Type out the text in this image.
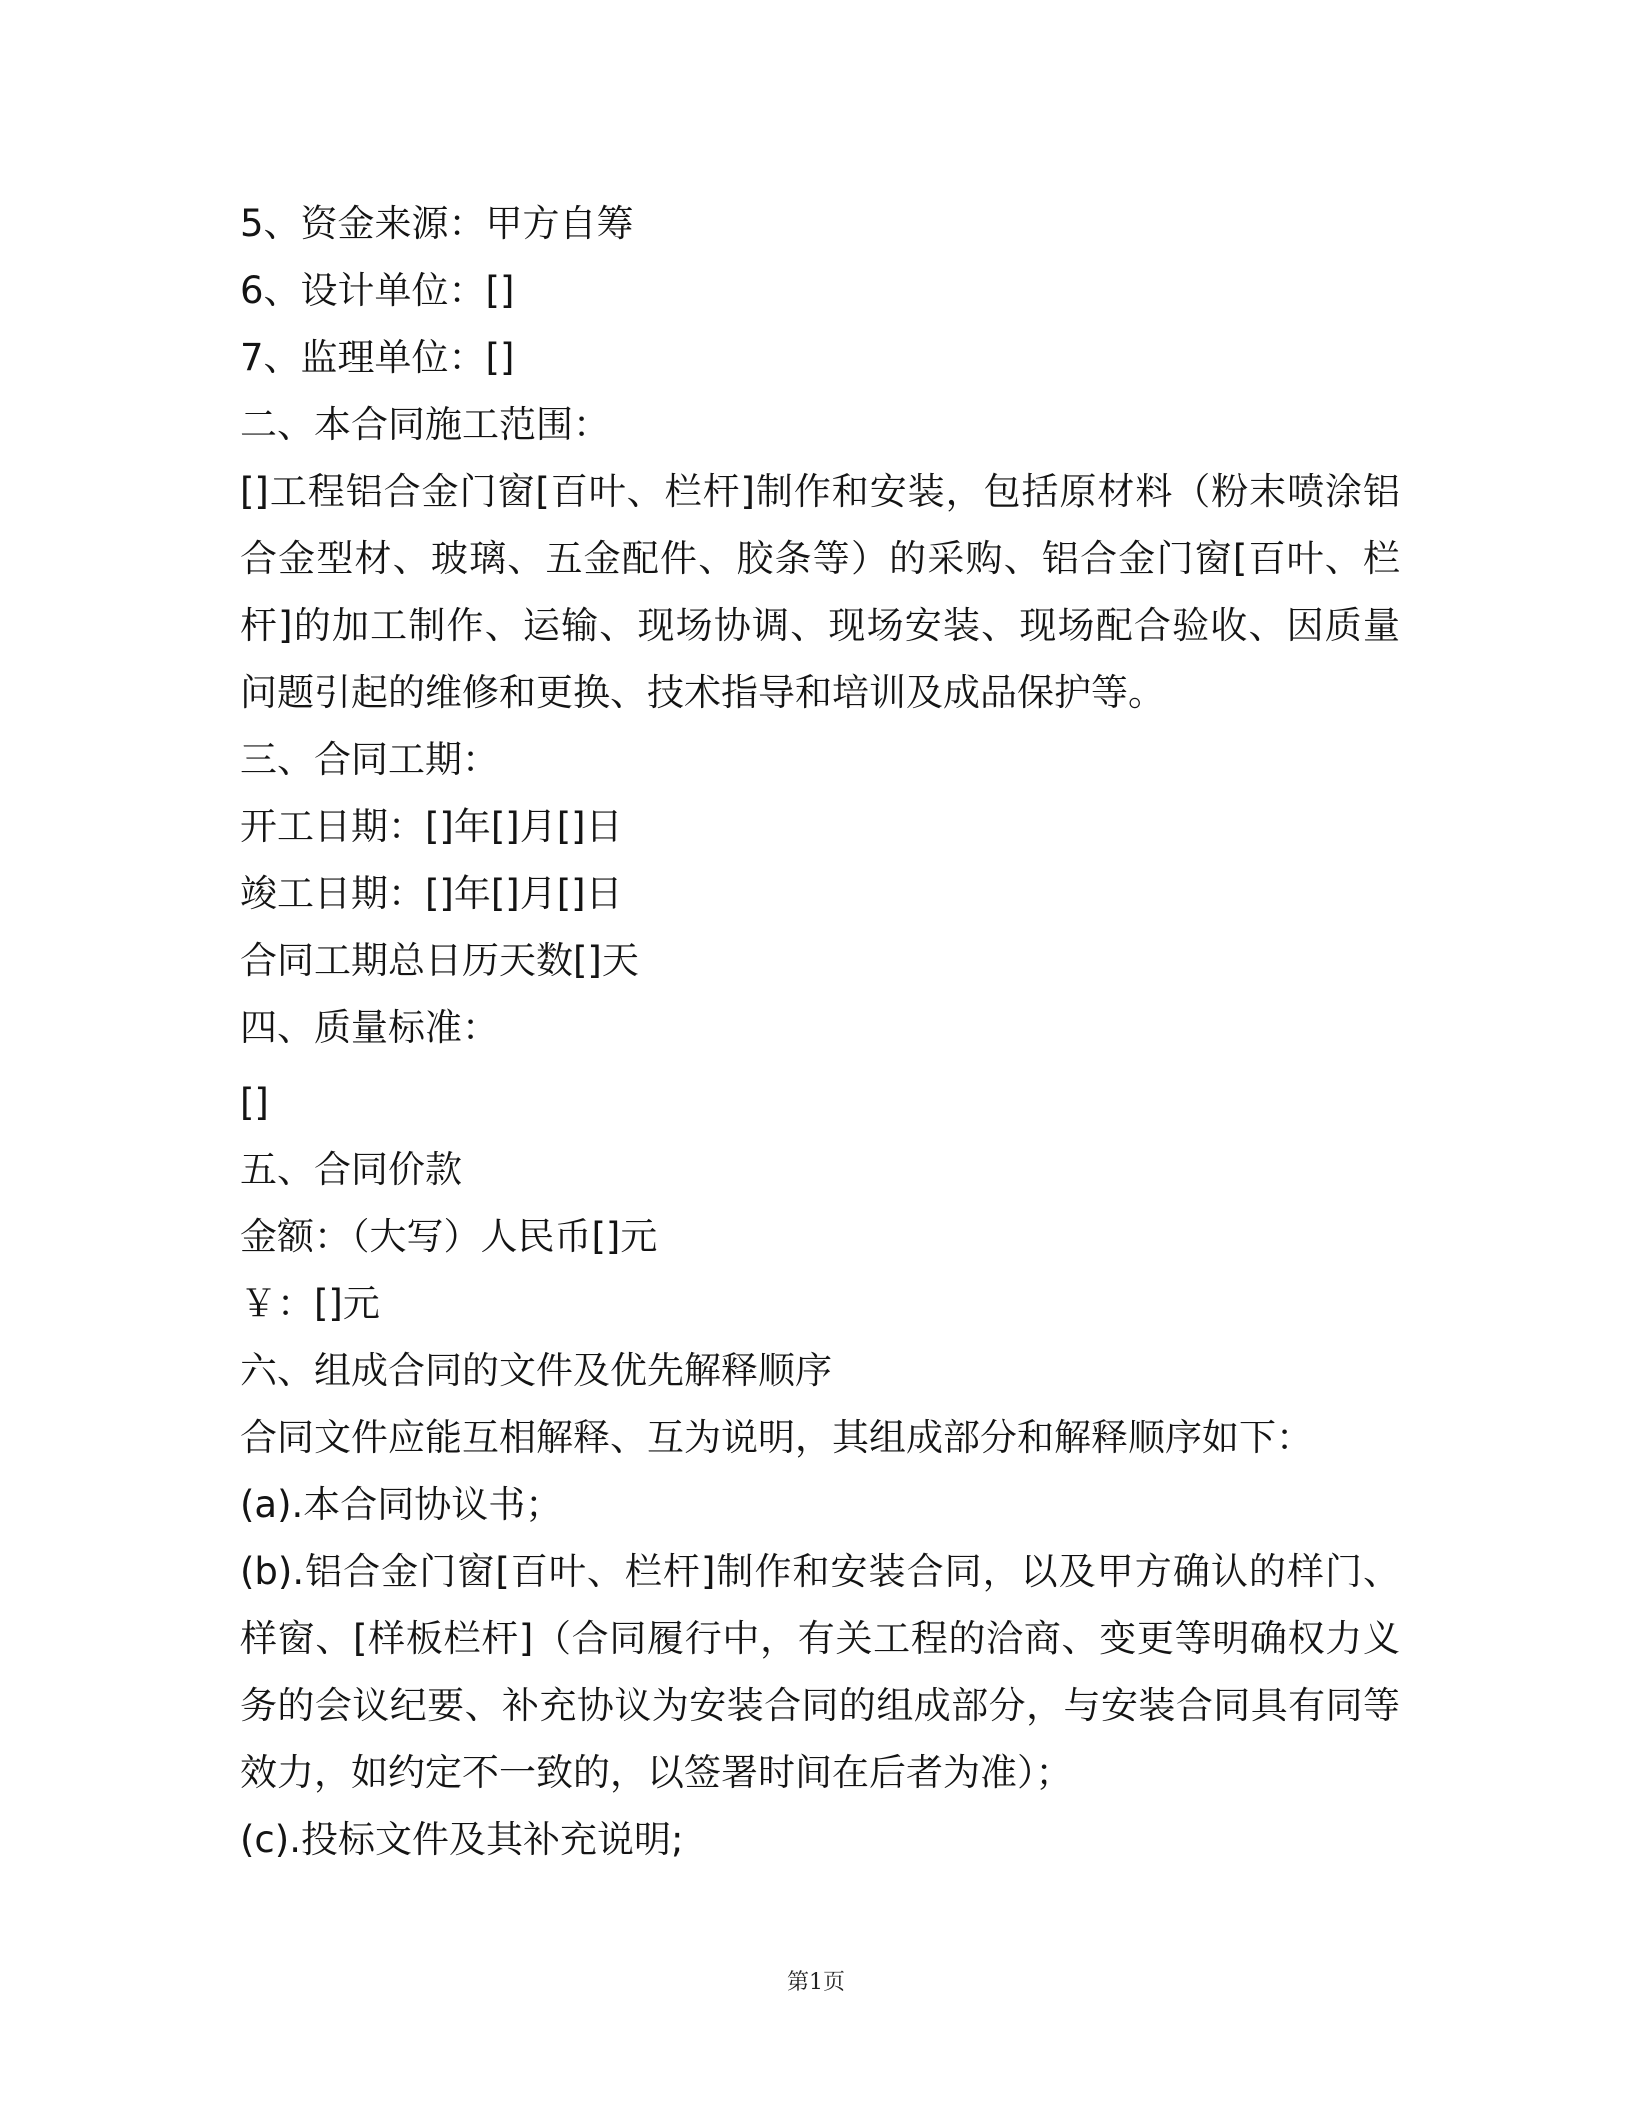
5、资金来源：甲方自筹
6、设计单位：[]
7、监理单位：[]
二、本合同施工范围：
[]工程铝合金门窗[百叶、栏杆]制作和安装，包括原材料（粉末喷涂铝合金型材、玻璃、五金配件、胶条等）的采购、铝合金门窗[百叶、栏杆]的加工制作、运输、现场协调、现场安装、现场配合验收、因质量问题引起的维修和更换、技术指导和培训及成品保护等。
三、合同工期：
开工日期：[]年[]月[]日
竣工日期：[]年[]月[]日
合同工期总日历天数[]天
四、质量标准：
[]
五、合同价款
金额：（大写）人民币[]元
￥：[]元
六、组成合同的文件及优先解释顺序
合同文件应能互相解释、互为说明，其组成部分和解释顺序如下：
(a).本合同协议书；
(b).铝合金门窗[百叶、栏杆]制作和安装合同，以及甲方确认的样门、样窗、[样板栏杆]（合同履行中，有关工程的洽商、变更等明确权力义务的会议纪要、补充协议为安装合同的组成部分，与安装合同具有同等效力，如约定不一致的，以签署时间在后者为准）；
(c).投标文件及其补充说明;
第1页
